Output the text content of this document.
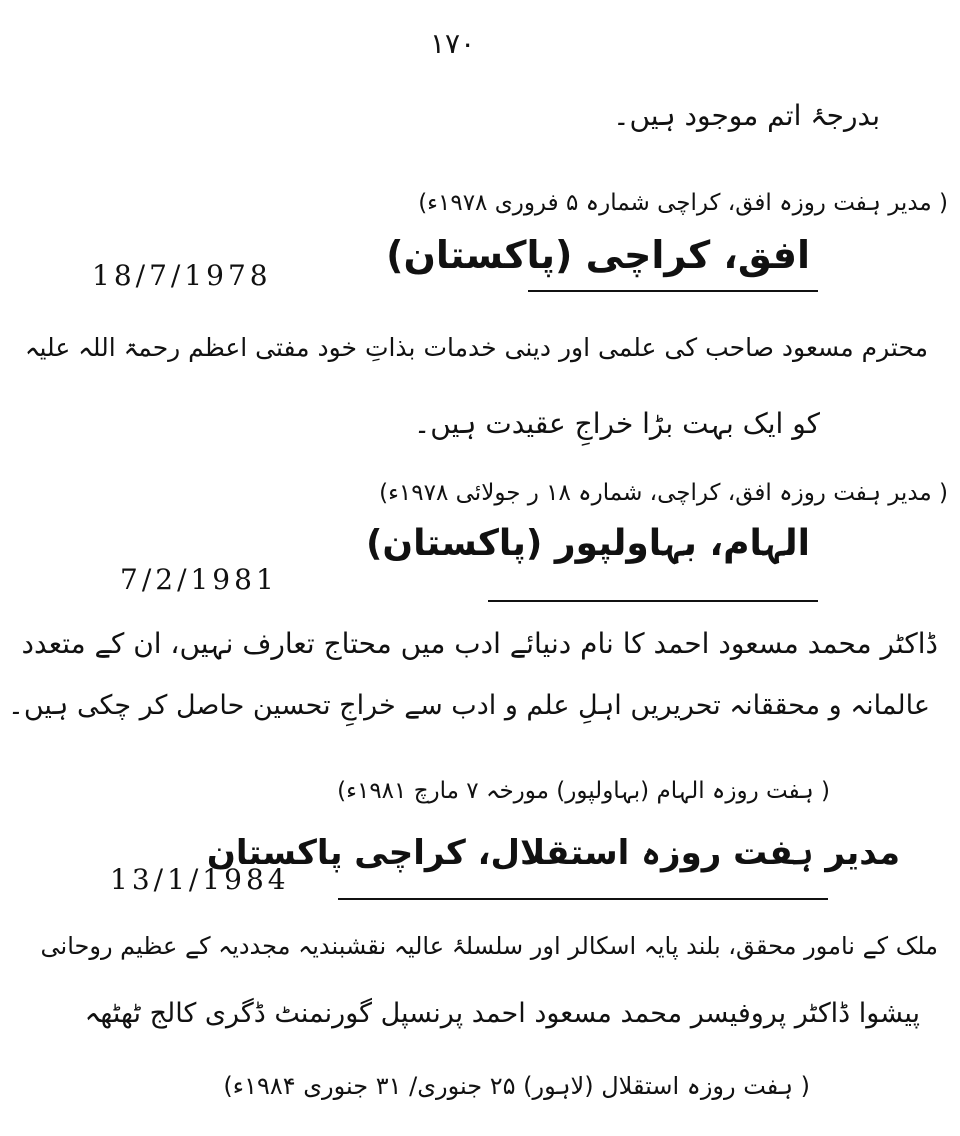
۱۷۰
بدرجۂ اتم موجود ہیں۔
( مدیر ہفت روزہ افق، کراچی شمارہ ۵ فروری ۱۹۷۸ء)
افق، کراچی (پاکستان)
18/7/1978
محترم مسعود صاحب کی علمی اور دینی خدمات بذاتِ خود مفتی اعظم رحمۃ اللہ علیہ
کو ایک بہت بڑا خراجِ عقیدت ہیں۔
( مدیر ہفت روزہ افق، کراچی، شمارہ ۱۸ ر جولائی ۱۹۷۸ء)
الہام، بہاولپور (پاکستان)
7/2/1981
ڈاکٹر محمد مسعود احمد کا نام دنیائے ادب میں محتاج تعارف نہیں، ان کے متعدد
عالمانہ و محققانہ تحریریں اہلِ علم و ادب سے خراجِ تحسین حاصل کر چکی ہیں۔
( ہفت روزہ الہام (بہاولپور) مورخہ ۷ مارچ ۱۹۸۱ء)
مدیر ہفت روزہ استقلال، کراچی پاکستان
13/1/1984
ملک کے نامور محقق، بلند پایہ اسکالر اور سلسلۂ عالیہ نقشبندیہ مجددیہ کے عظیم روحانی
پیشوا ڈاکٹر پروفیسر محمد مسعود احمد پرنسپل گورنمنٹ ڈگری کالج ٹھٹھہ
( ہفت روزہ استقلال (لاہور) ۲۵ جنوری/ ۳۱ جنوری ۱۹۸۴ء)
